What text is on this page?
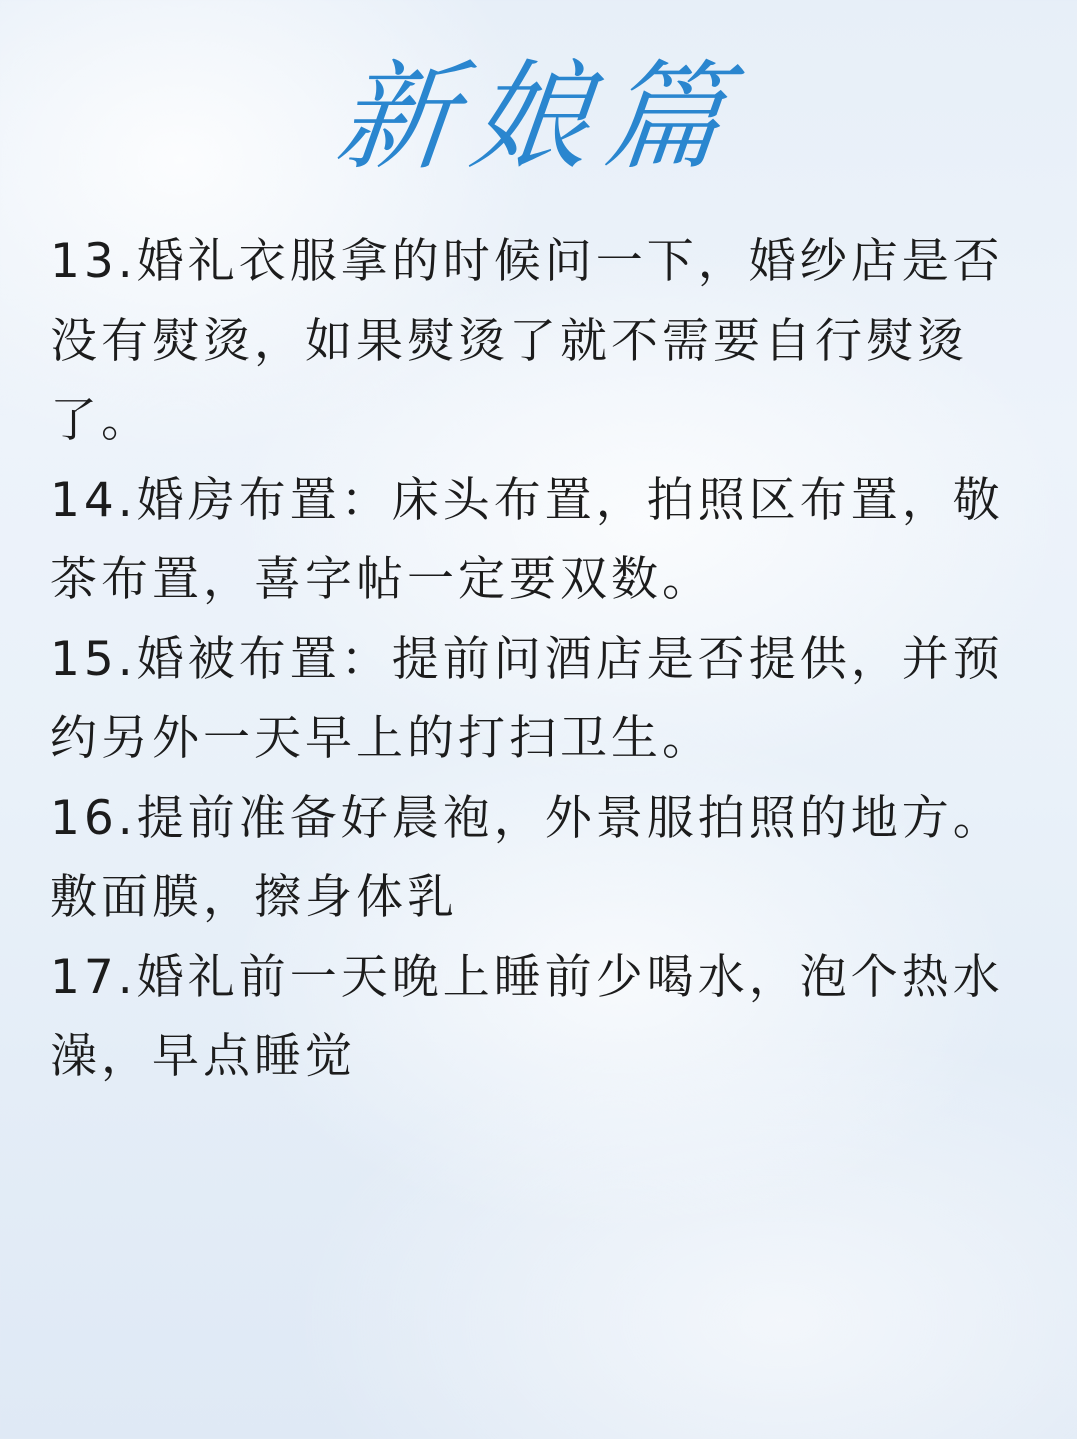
新娘篇

13.婚礼衣服拿的时候问一下，婚纱店是否没有熨烫，如果熨烫了就不需要自行熨烫了。

14.婚房布置：床头布置，拍照区布置，敬茶布置，喜字帖一定要双数。

15.婚被布置：提前问酒店是否提供，并预约另外一天早上的打扫卫生。

16.提前准备好晨袍，外景服拍照的地方。敷面膜，擦身体乳

17.婚礼前一天晚上睡前少喝水，泡个热水澡，早点睡觉
